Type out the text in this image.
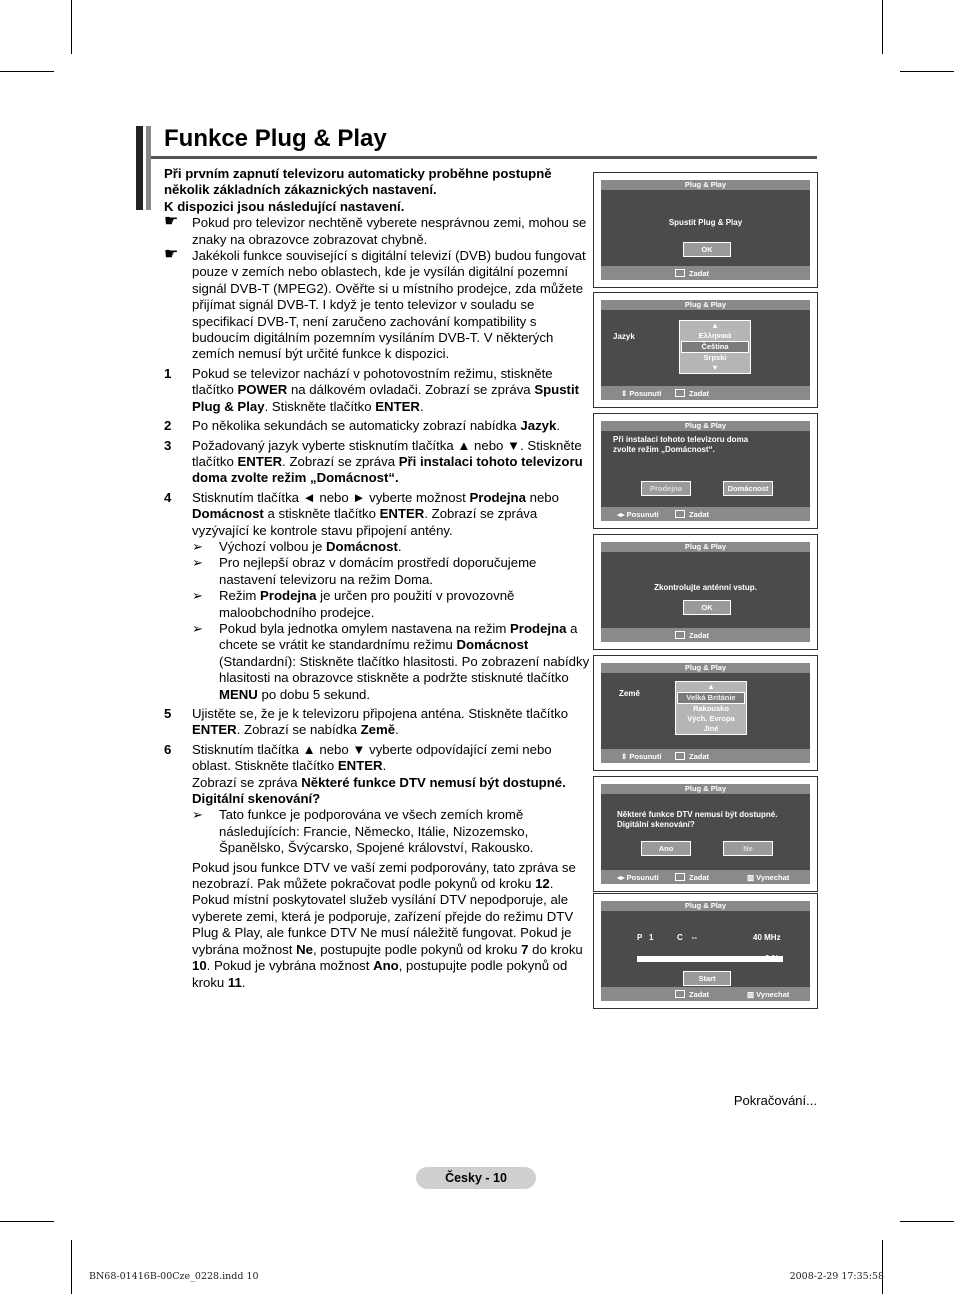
Funkce Plug & Play
Při prvním zapnutí televizoru automaticky proběhne postupně
několik základních zákaznických nastavení.
K dispozici jsou následující nastavení.
☛ Pokud pro televizor nechtěně vyberete nesprávnou zemi, mohou se znaky na obrazovce zobrazovat chybně.
☛ Jakékoli funkce související s digitální televizí (DVB) budou fungovat pouze v zemích nebo oblastech, kde je vysílán digitální pozemní signál DVB-T (MPEG2). Ověřte si u místního prodejce, zda můžete přijímat signál DVB-T. I když je tento televizor v souladu se specifikací DVB-T, není zaručeno zachování kompatibility s budoucím digitálním pozemním vysíláním DVB-T. V některých zemích nemusí být určité funkce k dispozici.
1 Pokud se televizor nachází v pohotovostním režimu, stiskněte tlačítko POWER na dálkovém ovladači. Zobrazí se zpráva Spustit Plug & Play. Stiskněte tlačítko ENTER.
2 Po několika sekundách se automaticky zobrazí nabídka Jazyk.
3 Požadovaný jazyk vyberte stisknutím tlačítka ▲ nebo ▼. Stiskněte tlačítko ENTER. Zobrazí se zpráva Při instalaci tohoto televizoru doma zvolte režim „Domácnost“.
4 Stisknutím tlačítka ◄ nebo ► vyberte možnost Prodejna nebo Domácnost a stiskněte tlačítko ENTER. Zobrazí se zpráva vyzývající ke kontrole stavu připojení antény.
➢ Výchozí volbou je Domácnost.
➢ Pro nejlepší obraz v domácím prostředí doporučujeme nastavení televizoru na režim Doma.
➢ Režim Prodejna je určen pro použití v provozovně maloobchodního prodejce.
➢ Pokud byla jednotka omylem nastavena na režim Prodejna a chcete se vrátit ke standardnímu režimu Domácnost (Standardní): Stiskněte tlačítko hlasitosti. Po zobrazení nabídky hlasitosti na obrazovce stiskněte a podržte stisknuté tlačítko MENU po dobu 5 sekund.
5 Ujistěte se, že je k televizoru připojena anténa. Stiskněte tlačítko ENTER. Zobrazí se nabídka Země.
6 Stisknutím tlačítka ▲ nebo ▼ vyberte odpovídající zemi nebo oblast. Stiskněte tlačítko ENTER.
Zobrazí se zpráva Některé funkce DTV nemusí být dostupné. Digitální skenování?
➢ Tato funkce je podporována ve všech zemích kromě následujících: Francie, Německo, Itálie, Nizozemsko, Španělsko, Švýcarsko, Spojené království, Rakousko.
Pokud jsou funkce DTV ve vaší zemi podporovány, tato zpráva se nezobrazí. Pak můžete pokračovat podle pokynů od kroku 12. Pokud místní poskytovatel služeb vysílání DTV nepodporuje, ale vyberete zemi, která je podporuje, zařízení přejde do režimu DTV Plug & Play, ale funkce DTV Ne musí náležitě fungovat. Pokud je vybrána možnost Ne, postupujte podle pokynů od kroku 7 do kroku 10. Pokud je vybrána možnost Ano, postupujte podle pokynů od kroku 11.
Plug & Play
Spustit Plug & Play
OK
Zadat
Plug & Play
Jazyk
▲
Ελληνικά
Čeština
Srpski
▼
⇕ Posunutí	Zadat
Plug & Play
Při instalaci tohoto televizoru doma
zvolte režim „Domácnost“.
Prodejna	Domácnost
◂▸ Posunutí	Zadat
Plug & Play
Zkontrolujte anténní vstup.
OK
Zadat
Plug & Play
Země
▲
Velká Británie
Rakousko
Vých. Evropa
Jiné
⇕ Posunutí	Zadat
Plug & Play
Některé funkce DTV nemusí být dostupné.
Digitální skenování?
Ano	Ne
◂▸ Posunutí	Zadat	▥ Vynechat
Plug & Play
P 1	C --	40 MHz
0 %
Start
Zadat	▥ Vynechat
Pokračování...
Česky - 10
BN68-01416B-00Cze_0228.indd 10	2008-2-29 17:35:58
